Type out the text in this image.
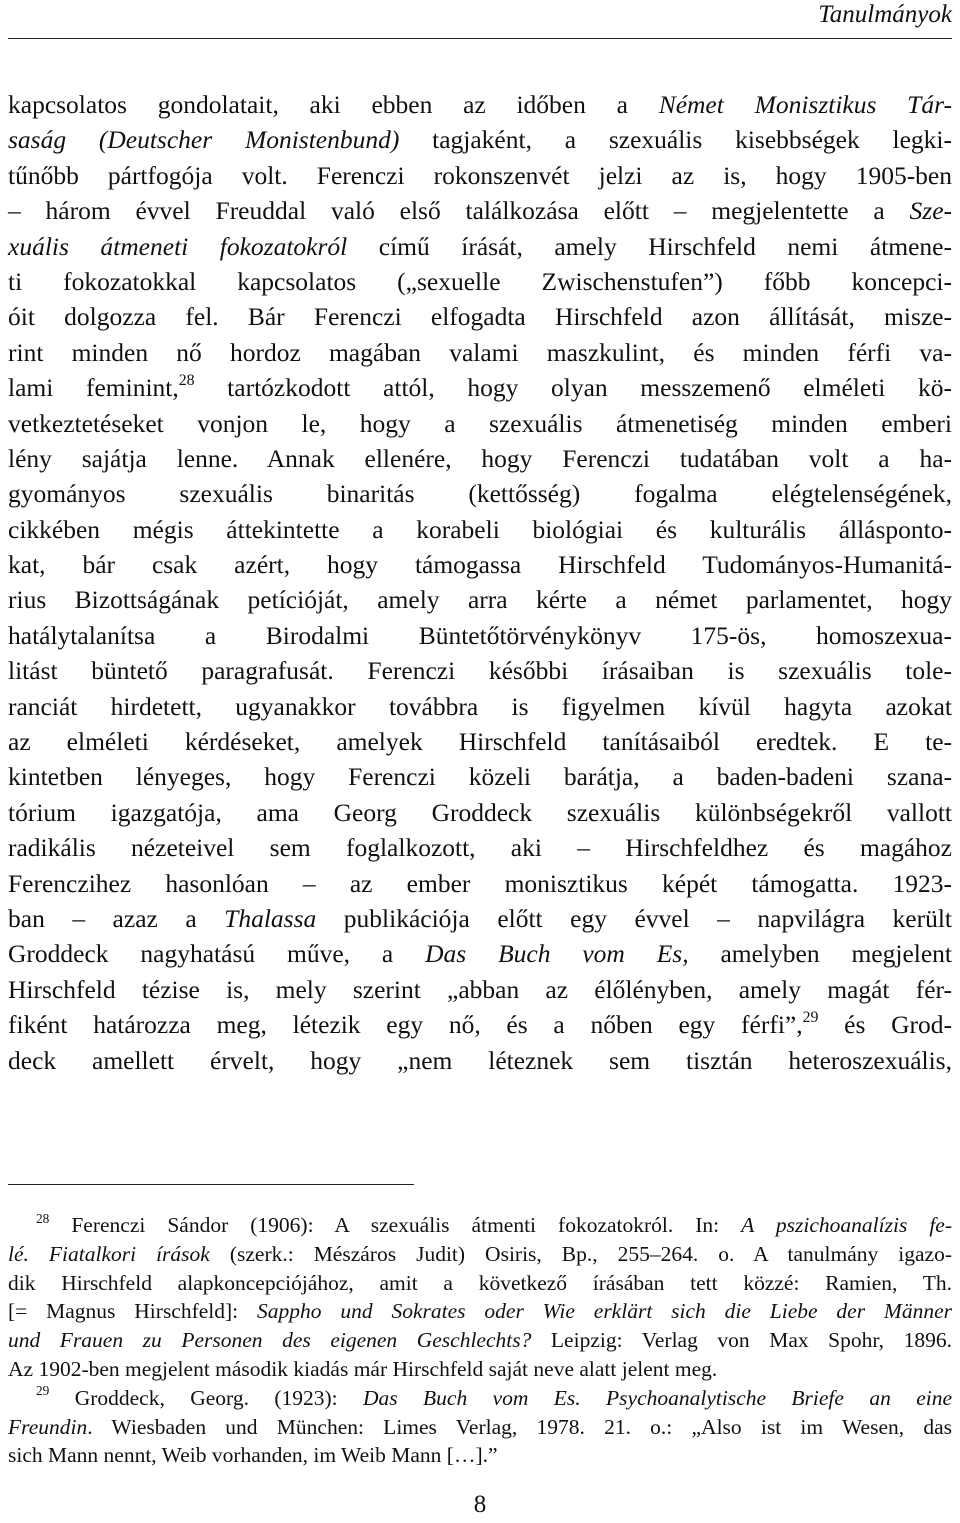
Tanulmányok
kapcsolatos gondolatait, aki ebben az időben a Német Monisztikus Tár-
saság (Deutscher Monistenbund) tagjaként, a szexuális kisebbségek legki-
tűnőbb pártfogója volt. Ferenczi rokonszenvét jelzi az is, hogy 1905-ben
– három évvel Freuddal való első találkozása előtt – megjelentette a Sze-
xuális átmeneti fokozatokról című írását, amely Hirschfeld nemi átmene-
ti fokozatokkal kapcsolatos („sexuelle Zwischenstufen”) főbb koncepci-
óit dolgozza fel. Bár Ferenczi elfogadta Hirschfeld azon állítását, misze-
rint minden nő hordoz magában valami maszkulint, és minden férfi va-
lami feminint,$^{28}$ tartózkodott attól, hogy olyan messzemenő elméleti kö-
vetkeztetéseket vonjon le, hogy a szexuális átmenetiség minden emberi
lény sajátja lenne. Annak ellenére, hogy Ferenczi tudatában volt a ha-
gyományos szexuális binaritás (kettősség) fogalma elégtelenségének,
cikkében mégis áttekintette a korabeli biológiai és kulturális állásponto-
kat, bár csak azért, hogy támogassa Hirschfeld Tudományos-Humanitá-
rius Bizottságának petícióját, amely arra kérte a német parlamentet, hogy
hatálytalanítsa a Birodalmi Büntetőtörvénykönyv 175-ös, homoszexua-
litást büntető paragrafusát. Ferenczi későbbi írásaiban is szexuális tole-
ranciát hirdetett, ugyanakkor továbbra is figyelmen kívül hagyta azokat
az elméleti kérdéseket, amelyek Hirschfeld tanításaiból eredtek. E te-
kintetben lényeges, hogy Ferenczi közeli barátja, a baden-badeni szana-
tórium igazgatója, ama Georg Groddeck szexuális különbségekről vallott
radikális nézeteivel sem foglalkozott, aki – Hirschfeldhez és magához
Ferenczihez hasonlóan – az ember monisztikus képét támogatta. 1923-
ban – azaz a Thalassa publikációja előtt egy évvel – napvilágra került
Groddeck nagyhatású műve, a Das Buch vom Es, amelyben megjelent
Hirschfeld tézise is, mely szerint „abban az élőlényben, amely magát fér-
fiként határozza meg, létezik egy nő, és a nőben egy férfi”,$^{29}$ és Grod-
deck amellett érvelt, hogy „nem léteznek sem tisztán heteroszexuális,
$^{28}$ Ferenczi Sándor (1906): A szexuális átmenti fokozatokról. In: A pszichoanalízis fe-
lé. Fiatalkori írások (szerk.: Mészáros Judit) Osiris, Bp., 255–264. o. A tanulmány igazo-
dik Hirschfeld alapkoncepciójához, amit a következő írásában tett közzé: Ramien, Th.
[= Magnus Hirschfeld]: Sappho und Sokrates oder Wie erklärt sich die Liebe der Männer
und Frauen zu Personen des eigenen Geschlechts? Leipzig: Verlag von Max Spohr, 1896.
Az 1902-ben megjelent második kiadás már Hirschfeld saját neve alatt jelent meg.
$^{29}$ Groddeck, Georg. (1923): Das Buch vom Es. Psychoanalytische Briefe an eine
Freundin. Wiesbaden und München: Limes Verlag, 1978. 21. o.: „Also ist im Wesen, das
sich Mann nennt, Weib vorhanden, im Weib Mann […].”
8
